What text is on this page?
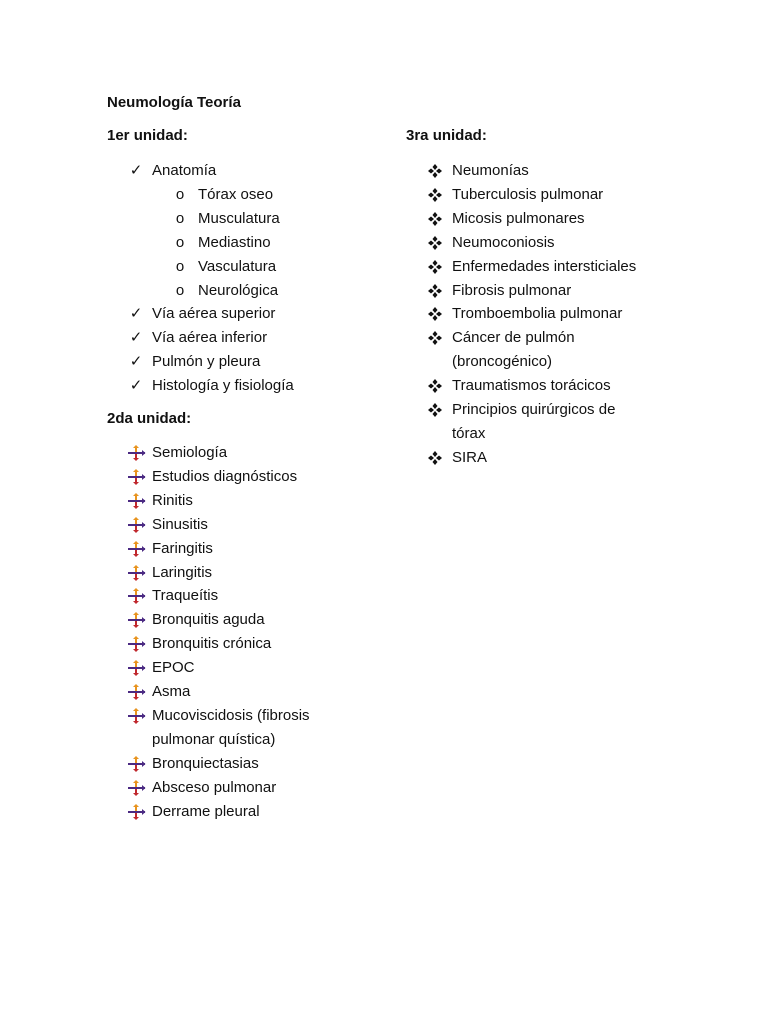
Neumología Teoría
1er unidad:
✓ Anatomía
o Tórax oseo
o Musculatura
o Mediastino
o Vasculatura
o Neurológica
✓ Vía aérea superior
✓ Vía aérea inferior
✓ Pulmón y pleura
✓ Histología y fisiología
2da unidad:
Semiología
Estudios diagnósticos
Rinitis
Sinusitis
Faringitis
Laringitis
Traqueítis
Bronquitis aguda
Bronquitis crónica
EPOC
Asma
Mucoviscidosis (fibrosis pulmonar quística)
Bronquiectasias
Absceso pulmonar
Derrame pleural
3ra unidad:
Neumonías
Tuberculosis pulmonar
Micosis pulmonares
Neumoconiosis
Enfermedades intersticiales
Fibrosis pulmonar
Tromboembolia pulmonar
Cáncer de pulmón (broncogénico)
Traumatismos torácicos
Principios quirúrgicos de tórax
SIRA
